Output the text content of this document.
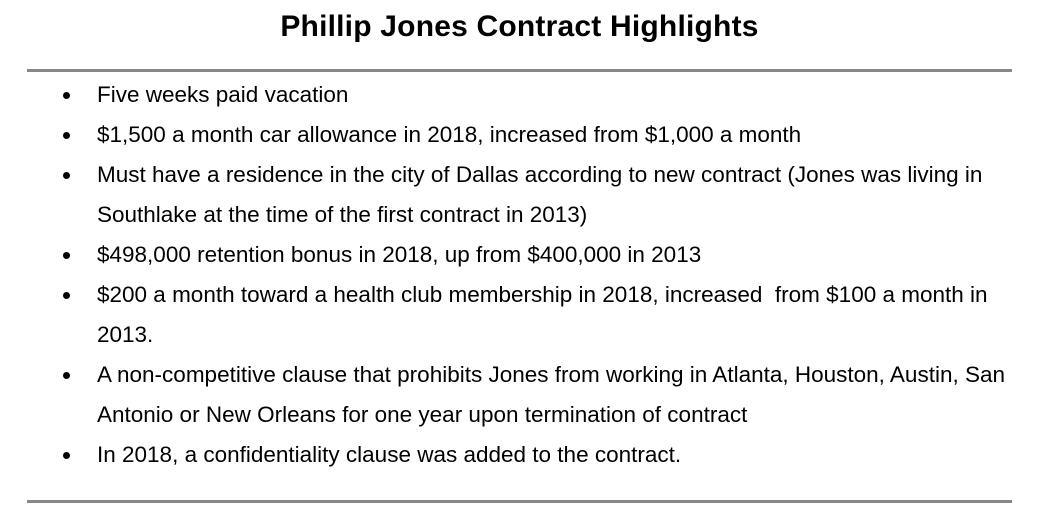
Phillip Jones Contract Highlights
Five weeks paid vacation
$1,500 a month car allowance in 2018, increased from $1,000 a month
Must have a residence in the city of Dallas according to new contract (Jones was living in Southlake at the time of the first contract in 2013)
$498,000 retention bonus in 2018, up from $400,000 in 2013
$200 a month toward a health club membership in 2018, increased  from $100 a month in 2013.
A non-competitive clause that prohibits Jones from working in Atlanta, Houston, Austin, San Antonio or New Orleans for one year upon termination of contract
In 2018, a confidentiality clause was added to the contract.
